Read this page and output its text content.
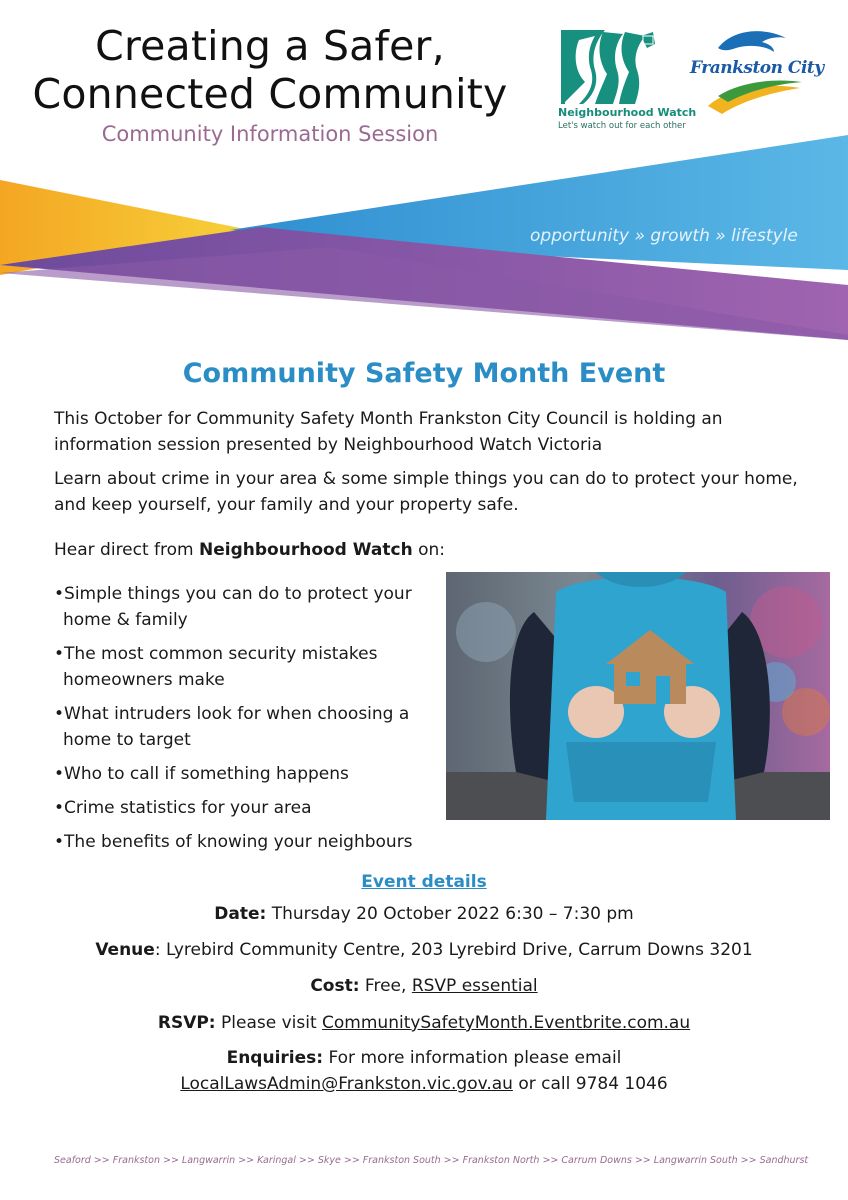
Creating a Safer,
Connected Community
Community Information Session
Neighbourhood Watch
Let's watch out for each other
Frankston City
opportunity » growth » lifestyle
Community Safety Month Event

This October for Community Safety Month Frankston City Council is holding an information session presented by Neighbourhood Watch Victoria

Learn about crime in your area & some simple things you can do to protect your home, and keep yourself, your family and your property safe.

Hear direct from Neighbourhood Watch on:

• Simple things you can do to protect your home & family
• The most common security mistakes homeowners make
• What intruders look for when choosing a home to target
• Who to call if something happens
• Crime statistics for your area
• The benefits of knowing your neighbours
Event details
Date: Thursday 20 October 2022 6:30 – 7:30 pm
Venue: Lyrebird Community Centre, 203 Lyrebird Drive, Carrum Downs 3201
Cost: Free, RSVP essential
RSVP: Please visit CommunitySafetyMonth.Eventbrite.com.au
Enquiries: For more information please email
LocalLawsAdmin@Frankston.vic.gov.au or call 9784 1046
Seaford >> Frankston >> Langwarrin >> Karingal >> Skye >> Frankston South >> Frankston North >> Carrum Downs >> Langwarrin South >> Sandhurst
